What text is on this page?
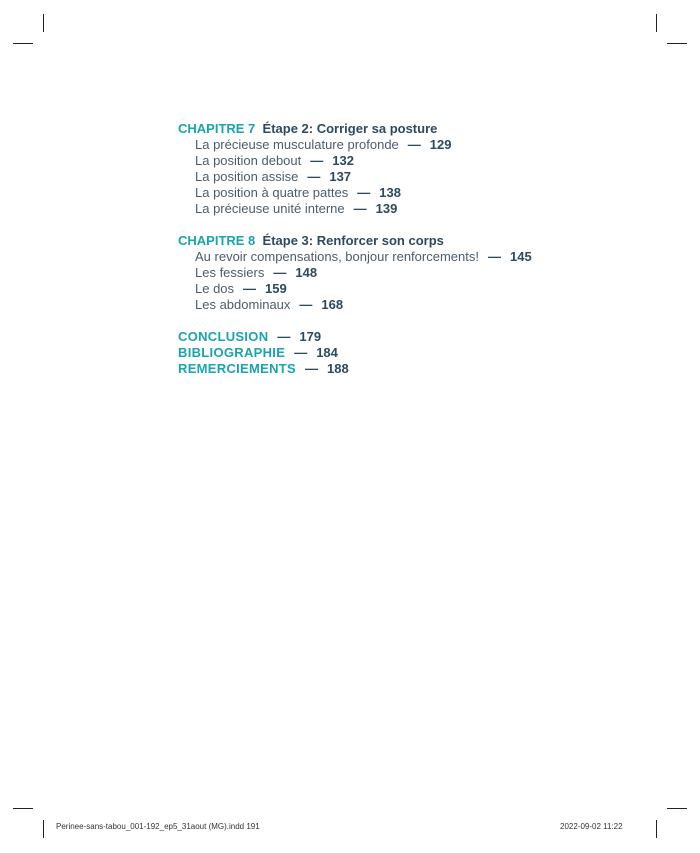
CHAPITRE 7 Étape 2: Corriger sa posture
La précieuse musculature profonde — 129
La position debout — 132
La position assise — 137
La position à quatre pattes — 138
La précieuse unité interne — 139
CHAPITRE 8 Étape 3: Renforcer son corps
Au revoir compensations, bonjour renforcements! — 145
Les fessiers — 148
Le dos — 159
Les abdominaux — 168
CONCLUSION — 179
BIBLIOGRAPHIE — 184
REMERCIEMENTS — 188
Perinee-sans-tabou_001-192_ep5_31aout (MG).indd 191	2022-09-02 11:22
